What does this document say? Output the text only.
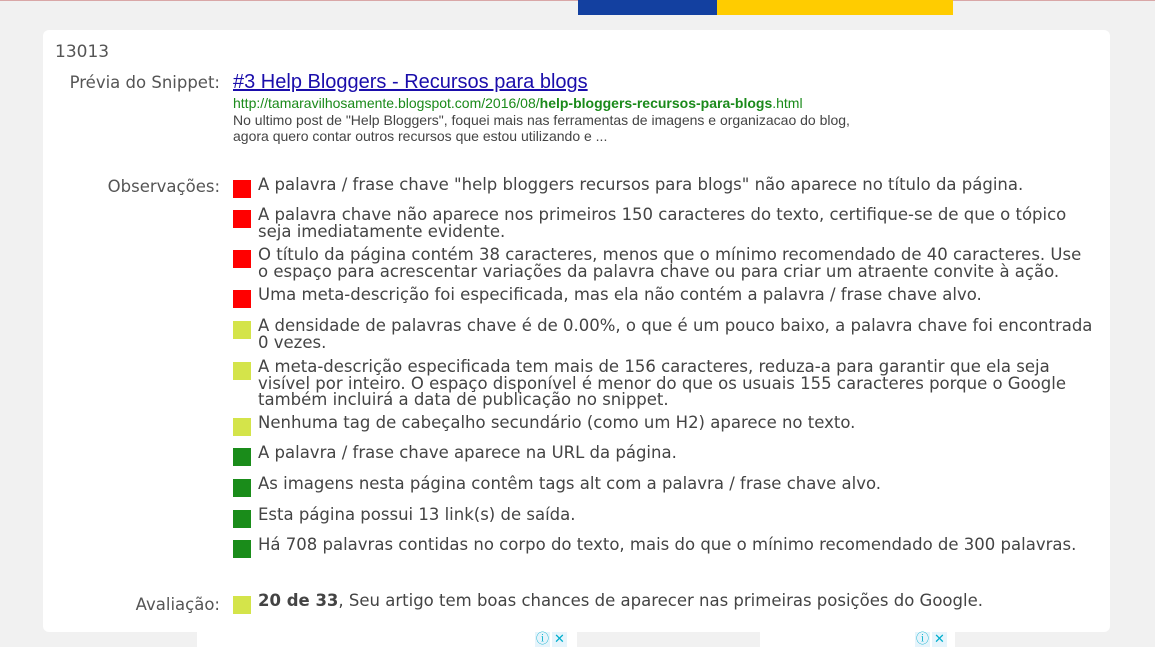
13013
Prévia do Snippet: #3 Help Bloggers - Recursos para blogs
http://tamaravilhosamente.blogspot.com/2016/08/help-bloggers-recursos-para-blogs.html
No ultimo post de "Help Bloggers", foquei mais nas ferramentas de imagens e organizacao do blog, agora quero contar outros recursos que estou utilizando e ...
Observações: A palavra / frase chave "help bloggers recursos para blogs" não aparece no título da página.
A palavra chave não aparece nos primeiros 150 caracteres do texto, certifique-se de que o tópico seja imediatamente evidente.
O título da página contém 38 caracteres, menos que o mínimo recomendado de 40 caracteres. Use o espaço para acrescentar variações da palavra chave ou para criar um atraente convite à ação.
Uma meta-descrição foi especificada, mas ela não contém a palavra / frase chave alvo.
A densidade de palavras chave é de 0.00%, o que é um pouco baixo, a palavra chave foi encontrada 0 vezes.
A meta-descrição especificada tem mais de 156 caracteres, reduza-a para garantir que ela seja visível por inteiro. O espaço disponível é menor do que os usuais 155 caracteres porque o Google também incluirá a data de publicação no snippet.
Nenhuma tag de cabeçalho secundário (como um H2) aparece no texto.
A palavra / frase chave aparece na URL da página.
As imagens nesta página contêm tags alt com a palavra / frase chave alvo.
Esta página possui 13 link(s) de saída.
Há 708 palavras contidas no corpo do texto, mais do que o mínimo recomendado de 300 palavras.
20 de 33, Seu artigo tem boas chances de aparecer nas primeiras posições do Google.
Avaliação:
ⓘ ✕	ⓘ ✕
